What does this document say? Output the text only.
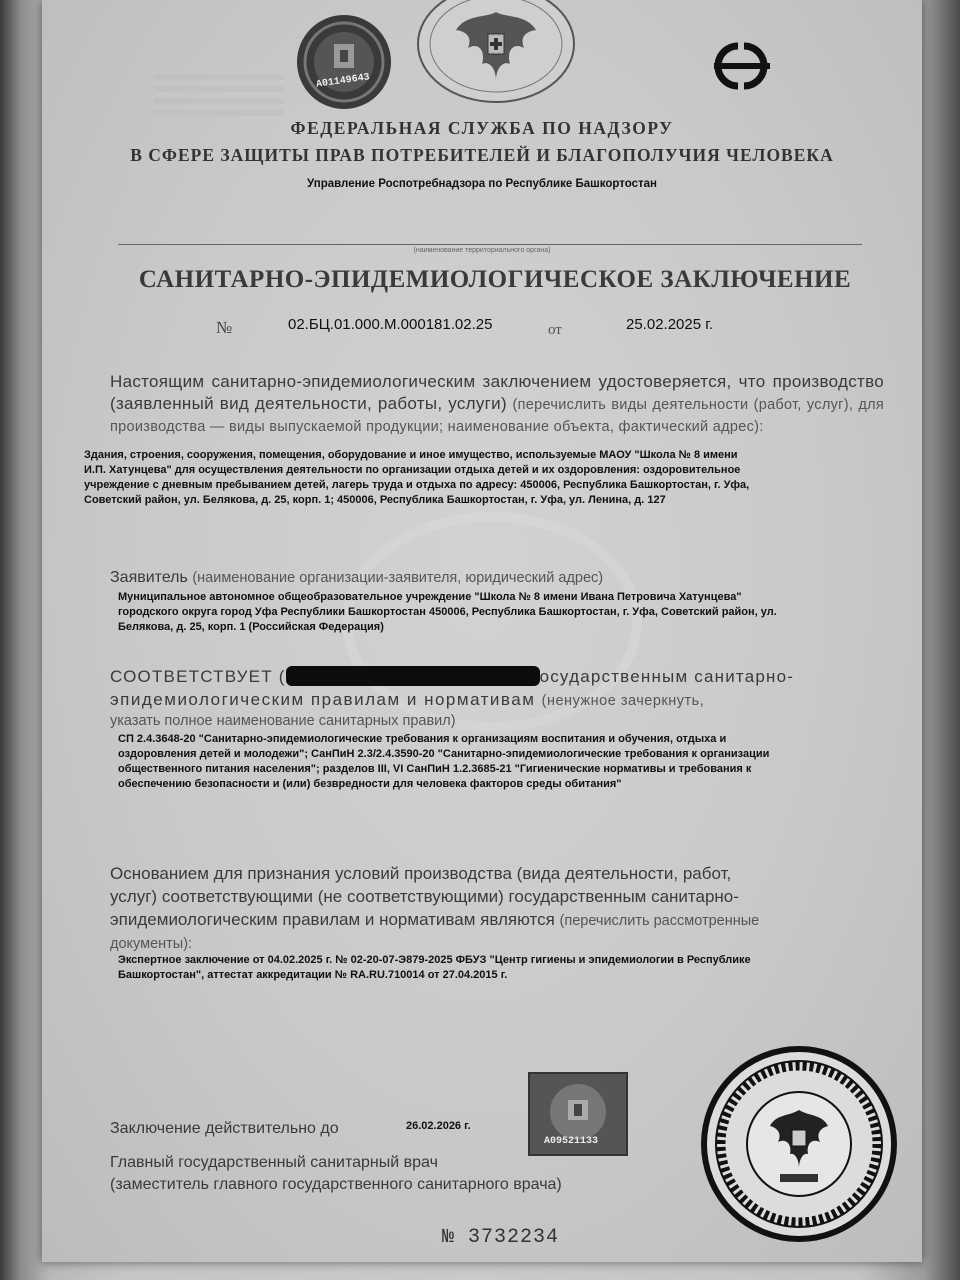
А01149643
ФЕДЕРАЛЬНАЯ СЛУЖБА ПО НАДЗОРУ
В СФЕРЕ ЗАЩИТЫ ПРАВ ПОТРЕБИТЕЛЕЙ И БЛАГОПОЛУЧИЯ ЧЕЛОВЕКА
Управление Роспотребнадзора по Республике Башкортостан
(наименование территориального органа)
САНИТАРНО-ЭПИДЕМИОЛОГИЧЕСКОЕ ЗАКЛЮЧЕНИЕ
№	02.БЦ.01.000.М.000181.02.25	от	25.02.2025 г.
Настоящим санитарно-эпидемиологическим заключением удостоверяется, что производство (заявленный вид деятельности, работы, услуги) (перечислить виды деятельности (работ, услуг), для производства — виды выпускаемой продукции; наименование объекта, фактический адрес):
Здания, строения, сооружения, помещения, оборудование и иное имущество, используемые МАОУ "Школа № 8 имени
И.П. Хатунцева" для осуществления деятельности по организации отдыха детей и их оздоровления: оздоровительное
учреждение с дневным пребыванием детей, лагерь труда и отдыха по адресу: 450006, Республика Башкортостан, г. Уфа,
Советский район, ул. Белякова, д. 25, корп. 1; 450006, Республика Башкортостан, г. Уфа, ул. Ленина, д. 127
Заявитель (наименование организации-заявителя, юридический адрес)
Муниципальное автономное общеобразовательное учреждение "Школа № 8 имени Ивана Петровича Хатунцева"
городского округа город Уфа Республики Башкортостан 450006, Республика Башкортостан, г. Уфа, Советский район, ул.
Белякова, д. 25, корп. 1 (Российская Федерация)
СООТВЕТСТВУЕТ (	осударственным санитарно-
эпидемиологическим правилам и нормативам (ненужное зачеркнуть,
указать полное наименование санитарных правил)
СП 2.4.3648-20 "Санитарно-эпидемиологические требования к организациям воспитания и обучения, отдыха и
оздоровления детей и молодежи"; СанПиН 2.3/2.4.3590-20 "Санитарно-эпидемиологические требования к организации
общественного питания населения"; разделов III, VI СанПиН 1.2.3685-21 "Гигиенические нормативы и требования к
обеспечению безопасности и (или) безвредности для человека факторов среды обитания"
Основанием для признания условий производства (вида деятельности, работ,
услуг) соответствующими (не соответствующими) государственным санитарно-
эпидемиологическим правилам и нормативам являются (перечислить рассмотренные
документы):
Экспертное заключение от 04.02.2025 г. № 02-20-07-Э879-2025 ФБУЗ "Центр гигиены и эпидемиологии в Республике
Башкортостан", аттестат аккредитации № RA.RU.710014 от 27.04.2015 г.
А09521133
Заключение действительно до	26.02.2026 г.
Главный государственный санитарный врач
(заместитель главного государственного санитарного врача)
№ 3732234
